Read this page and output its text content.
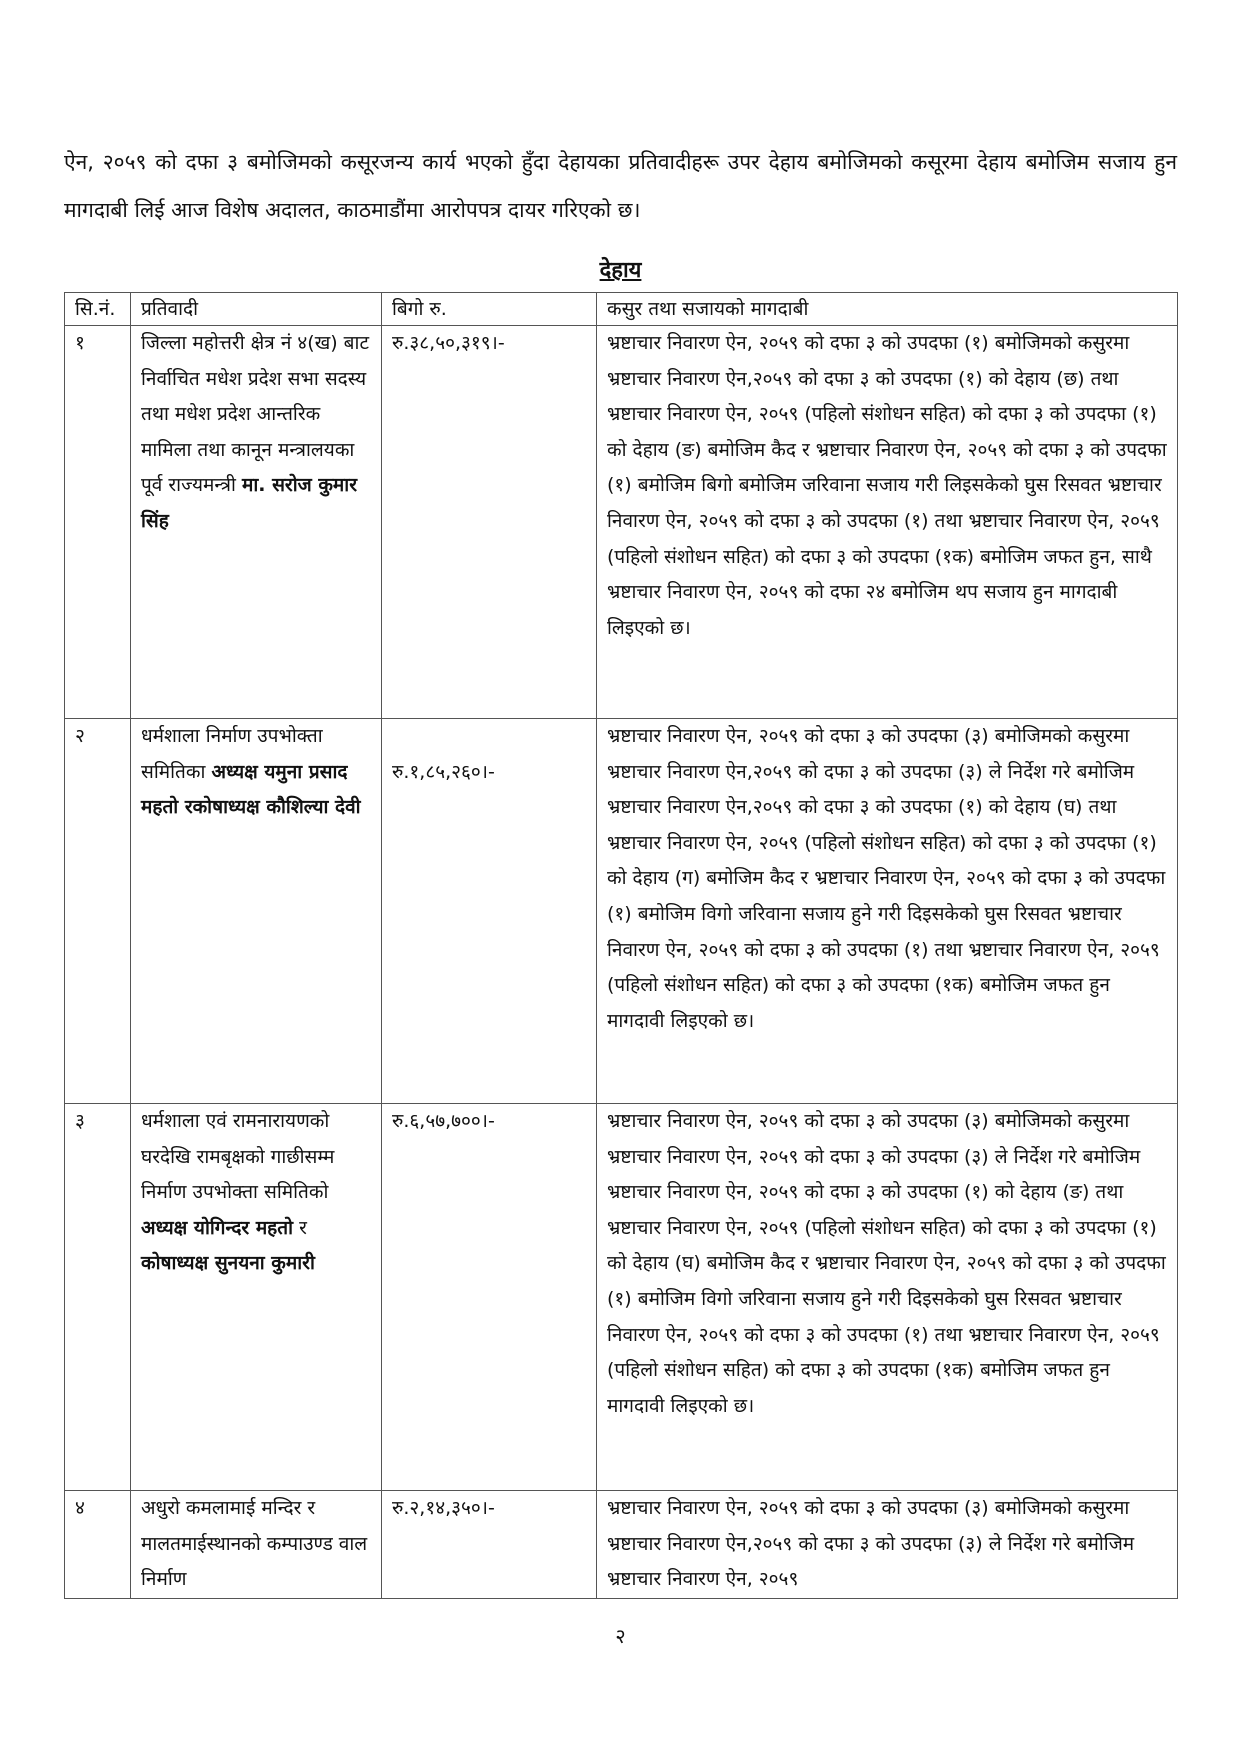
ऐन, २०५९ को दफा ३ बमोजिमको कसूरजन्य कार्य भएको हुँदा देहायका प्रतिवादीहरू उपर देहाय बमोजिमको कसूरमा देहाय बमोजिम सजाय हुन मागदाबी लिई आज विशेष अदालत, काठमाडौंमा आरोपपत्र दायर गरिएको छ।
देहाय
सि.नं.	प्रतिवादी	बिगो रु.	कसुर तथा सजायको मागदाबी
१	जिल्ला महोत्तरी क्षेत्र नं ४(ख) बाट निर्वाचित मधेश प्रदेश सभा सदस्य तथा मधेश प्रदेश आन्तरिक मामिला तथा कानून मन्त्रालयका पूर्व राज्यमन्त्री मा. सरोज कुमार सिंह	रु.३८,५०,३१९।-	भ्रष्टाचार निवारण ऐन, २०५९ को दफा ३ को उपदफा (१) बमोजिमको कसुरमा भ्रष्टाचार निवारण ऐन,२०५९ को दफा ३ को उपदफा (१) को देहाय (छ) तथा भ्रष्टाचार निवारण ऐन, २०५९ (पहिलो संशोधन सहित) को दफा ३ को उपदफा (१) को देहाय (ङ) बमोजिम कैद र भ्रष्टाचार निवारण ऐन, २०५९ को दफा ३ को उपदफा (१) बमोजिम बिगो बमोजिम जरिवाना सजाय गरी लिइसकेको घुस रिसवत भ्रष्टाचार निवारण ऐन, २०५९ को दफा ३ को उपदफा (१) तथा भ्रष्टाचार निवारण ऐन, २०५९ (पहिलो संशोधन सहित) को दफा ३ को उपदफा (१क) बमोजिम जफत हुन, साथै भ्रष्टाचार निवारण ऐन, २०५९ को दफा २४ बमोजिम थप सजाय हुन मागदाबी लिइएको छ।
२	धर्मशाला निर्माण उपभोक्ता समितिका अध्यक्ष यमुना प्रसाद महतो रकोषाध्यक्ष कौशिल्या देवी	रु.१,८५,२६०।-	भ्रष्टाचार निवारण ऐन, २०५९ को दफा ३ को उपदफा (३) बमोजिमको कसुरमा भ्रष्टाचार निवारण ऐन,२०५९ को दफा ३ को उपदफा (३) ले निर्देश गरे बमोजिम भ्रष्टाचार निवारण ऐन,२०५९ को दफा ३ को उपदफा (१) को देहाय (घ) तथा भ्रष्टाचार निवारण ऐन, २०५९ (पहिलो संशोधन सहित) को दफा ३ को उपदफा (१) को देहाय (ग) बमोजिम कैद र भ्रष्टाचार निवारण ऐन, २०५९ को दफा ३ को उपदफा (१) बमोजिम विगो जरिवाना सजाय हुने गरी दिइसकेको घुस रिसवत भ्रष्टाचार निवारण ऐन, २०५९ को दफा ३ को उपदफा (१) तथा भ्रष्टाचार निवारण ऐन, २०५९ (पहिलो संशोधन सहित) को दफा ३ को उपदफा (१क) बमोजिम जफत हुन मागदावी लिइएको छ।
३	धर्मशाला एवं रामनारायणको घरदेखि रामबृक्षको गाछीसम्म निर्माण उपभोक्ता समितिको अध्यक्ष योगिन्दर महतो र कोषाध्यक्ष सुनयना कुमारी	रु.६,५७,७००।-	भ्रष्टाचार निवारण ऐन, २०५९ को दफा ३ को उपदफा (३) बमोजिमको कसुरमा भ्रष्टाचार निवारण ऐन, २०५९ को दफा ३ को उपदफा (३) ले निर्देश गरे बमोजिम भ्रष्टाचार निवारण ऐन, २०५९ को दफा ३ को उपदफा (१) को देहाय (ङ) तथा भ्रष्टाचार निवारण ऐन, २०५९ (पहिलो संशोधन सहित) को दफा ३ को उपदफा (१) को देहाय (घ) बमोजिम कैद र भ्रष्टाचार निवारण ऐन, २०५९ को दफा ३ को उपदफा (१) बमोजिम विगो जरिवाना सजाय हुने गरी दिइसकेको घुस रिसवत भ्रष्टाचार निवारण ऐन, २०५९ को दफा ३ को उपदफा (१) तथा भ्रष्टाचार निवारण ऐन, २०५९ (पहिलो संशोधन सहित) को दफा ३ को उपदफा (१क) बमोजिम जफत हुन मागदावी लिइएको छ।
४	अधुरो कमलामाई मन्दिर र मालतमाईस्थानको कम्पाउण्ड वाल निर्माण	रु.२,१४,३५०।-	भ्रष्टाचार निवारण ऐन, २०५९ को दफा ३ को उपदफा (३) बमोजिमको कसुरमा भ्रष्टाचार निवारण ऐन,२०५९ को दफा ३ को उपदफा (३) ले निर्देश गरे बमोजिम भ्रष्टाचार निवारण ऐन, २०५९
२
